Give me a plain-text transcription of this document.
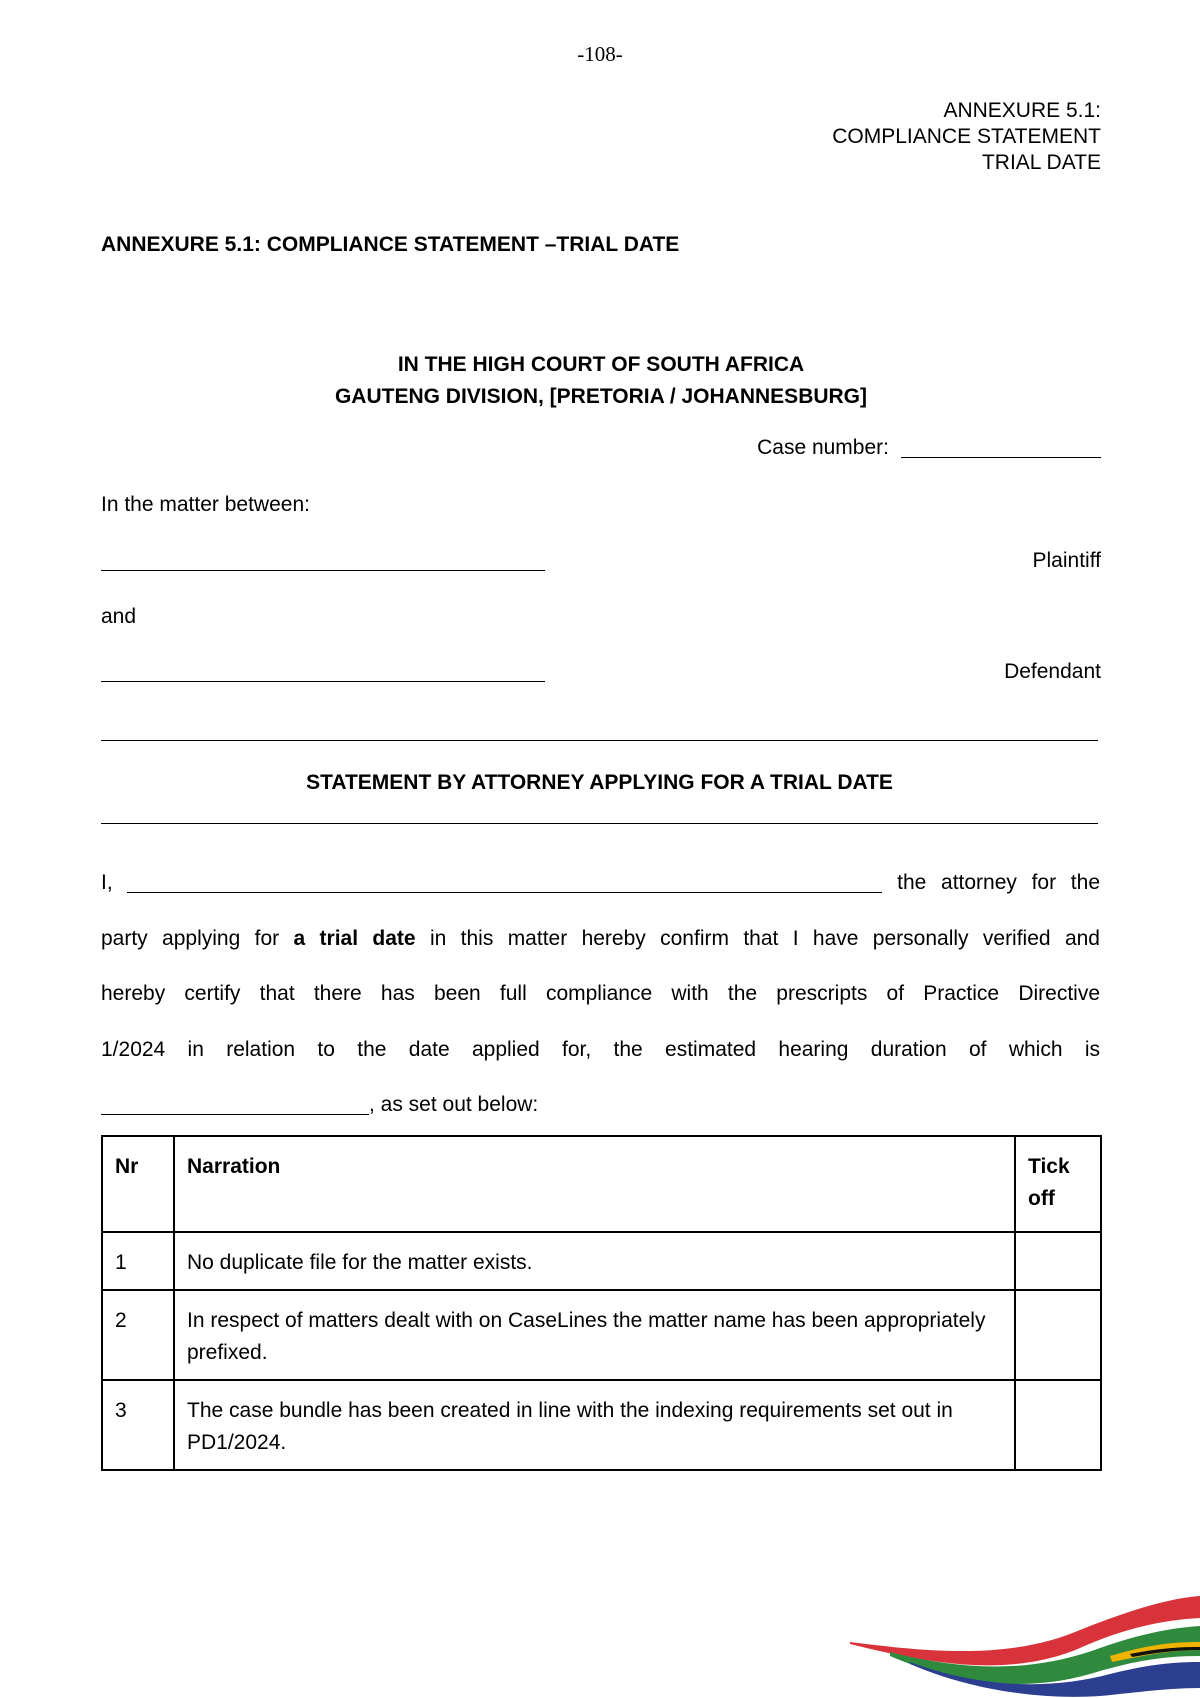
-108-
ANNEXURE 5.1:
COMPLIANCE STATEMENT
TRIAL DATE
ANNEXURE 5.1: COMPLIANCE STATEMENT –TRIAL DATE
IN THE HIGH COURT OF SOUTH AFRICA
GAUTENG DIVISION, [PRETORIA / JOHANNESBURG]
Case number:
In the matter between:
Plaintiff
and
Defendant
STATEMENT BY ATTORNEY APPLYING FOR A TRIAL DATE
I,	the attorney for the
party applying for a trial date in this matter hereby confirm that I have personally verified and
hereby certify that there has been full compliance with the prescripts of Practice Directive
1/2024 in relation to the date applied for, the estimated hearing duration of which is
, as set out below:
Nr	Narration	Tick off
1	No duplicate file for the matter exists.	
2	In respect of matters dealt with on CaseLines the matter name has been appropriately prefixed.	
3	The case bundle has been created in line with the indexing requirements set out in PD1/2024.	
